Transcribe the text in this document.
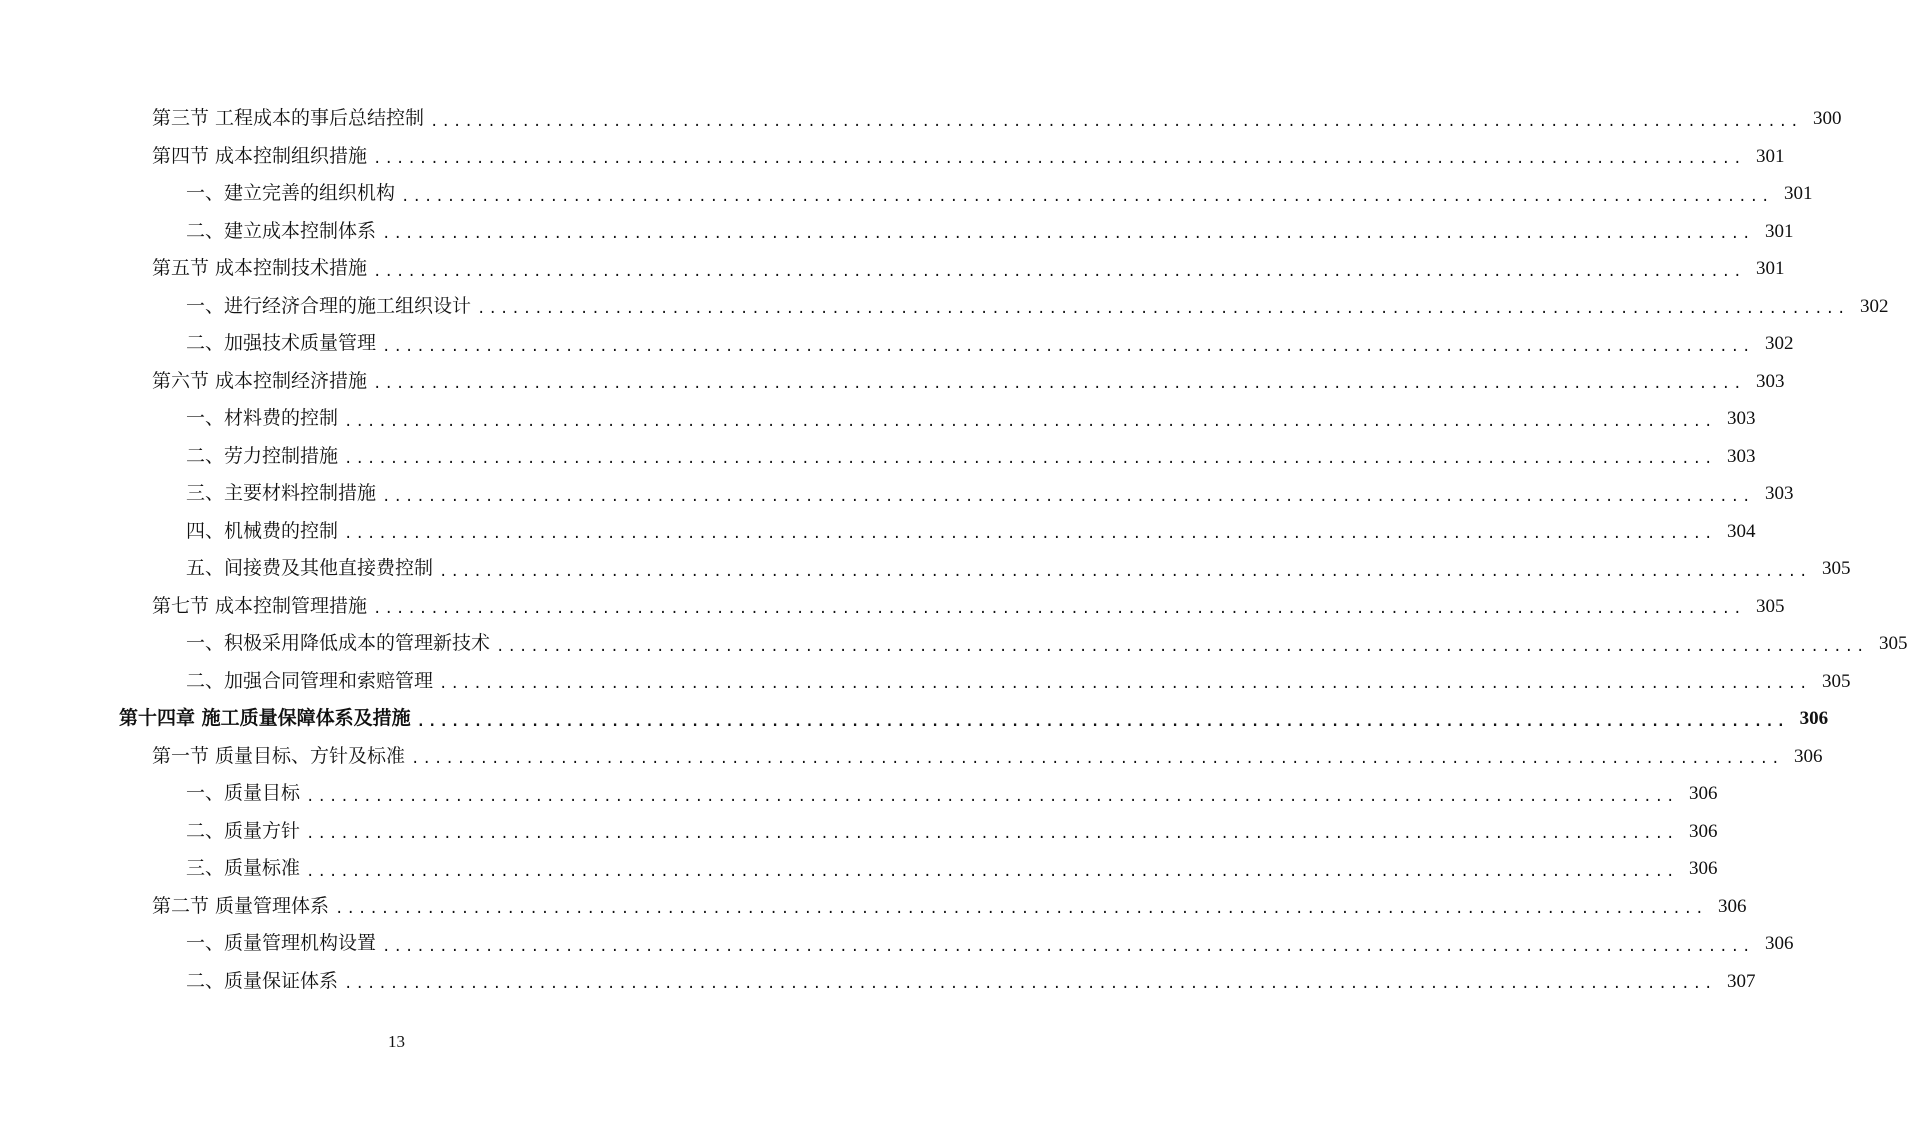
第三节 工程成本的事后总结控制 ........................................................................................................................ 300
第四节 成本控制组织措施 ........................................................................................................................ 301
一、建立完善的组织机构 ........................................................................................................................ 301
二、建立成本控制体系 ........................................................................................................................ 301
第五节 成本控制技术措施 ........................................................................................................................ 301
一、进行经济合理的施工组织设计 ........................................................................................................................ 302
二、加强技术质量管理 ........................................................................................................................ 302
第六节 成本控制经济措施 ........................................................................................................................ 303
一、材料费的控制 ........................................................................................................................ 303
二、劳力控制措施 ........................................................................................................................ 303
三、主要材料控制措施 ........................................................................................................................ 303
四、机械费的控制 ........................................................................................................................ 304
五、间接费及其他直接费控制 ........................................................................................................................ 305
第七节 成本控制管理措施 ........................................................................................................................ 305
一、积极采用降低成本的管理新技术 ........................................................................................................................ 305
二、加强合同管理和索赔管理 ........................................................................................................................ 305
第十四章 施工质量保障体系及措施 ........................................................................................................................ 306
第一节 质量目标、方针及标准 ........................................................................................................................ 306
一、质量目标 ........................................................................................................................ 306
二、质量方针 ........................................................................................................................ 306
三、质量标准 ........................................................................................................................ 306
第二节 质量管理体系 ........................................................................................................................ 306
一、质量管理机构设置 ........................................................................................................................ 306
二、质量保证体系 ........................................................................................................................ 307
13
